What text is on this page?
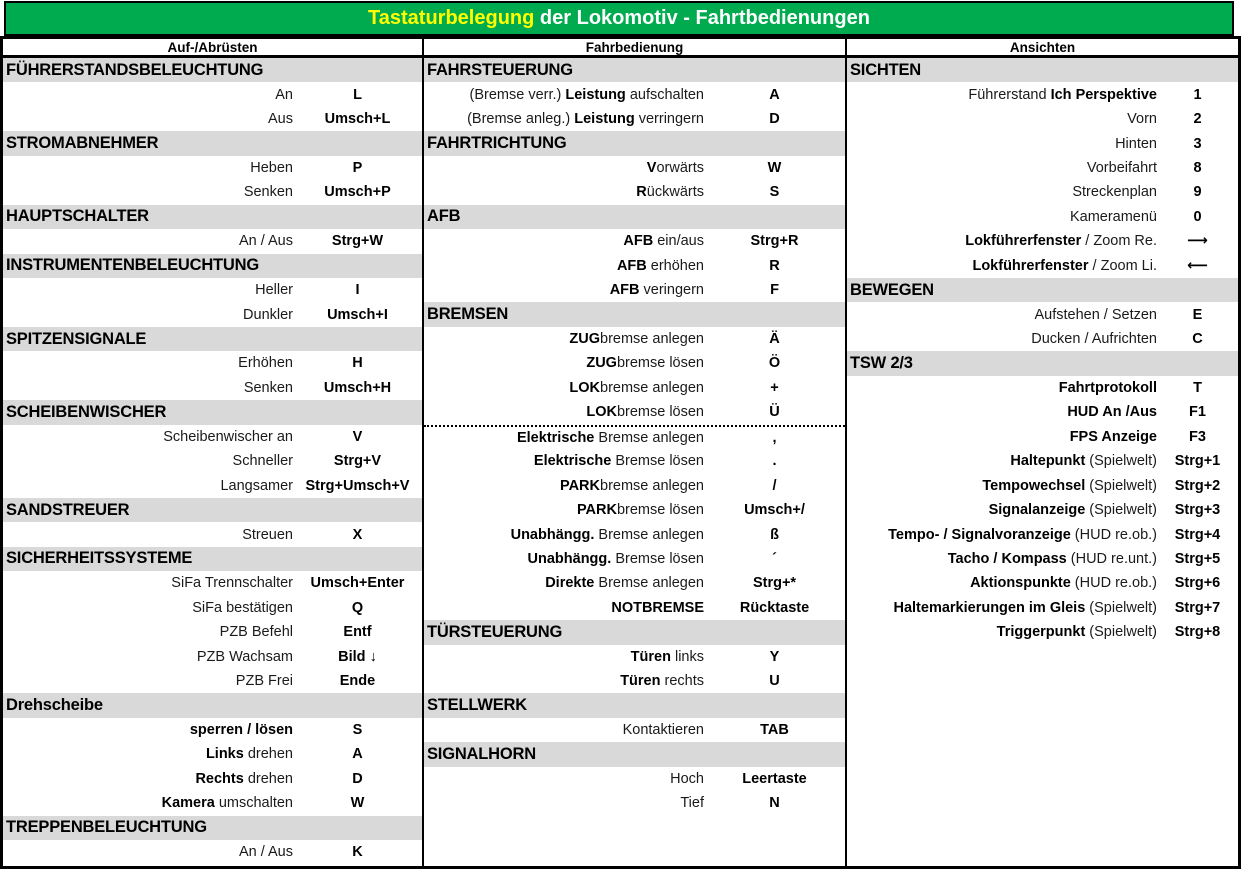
Tastaturbelegung der Lokomotiv - Fahrtbedienungen
Auf-/Abrüsten	Fahrbedienung	Ansichten
FÜHRERSTANDSBELEUCHTUNG
An	L
Aus	Umsch+L
STROMABNEHMER
Heben	P
Senken	Umsch+P
HAUPTSCHALTER
An / Aus	Strg+W
INSTRUMENTENBELEUCHTUNG
Heller	I
Dunkler	Umsch+I
SPITZENSIGNALE
Erhöhen	H
Senken	Umsch+H
SCHEIBENWISCHER
Scheibenwischer an	V
Schneller	Strg+V
Langsamer Strg+Umsch+V
SANDSTREUER
Streuen	X
SICHERHEITSSYSTEME
SiFa Trennschalter	Umsch+Enter
SiFa bestätigen	Q
PZB Befehl	Entf
PZB Wachsam	Bild ↓
PZB Frei	Ende
Drehscheibe
sperren / lösen	S
Links drehen	A
Rechts drehen	D
Kamera umschalten	W
TREPPENBELEUCHTUNG
An / Aus	K
FAHRSTEUERUNG
(Bremse verr.) Leistung aufschalten	A
(Bremse anleg.) Leistung verringern	D
FAHRTRICHTUNG
Vorwärts	W
Rückwärts	S
AFB
AFB ein/aus	Strg+R
AFB erhöhen	R
AFB veringern	F
BREMSEN
ZUGbremse anlegen	Ä
ZUGbremse lösen	Ö
LOKbremse anlegen	+
LOKbremse lösen	Ü
Elektrische Bremse anlegen	,
Elektrische Bremse lösen	.
PARKbremse anlegen	/
PARKbremse lösen	Umsch+/
Unabhängg. Bremse anlegen	ß
Unabhängg. Bremse lösen	´
Direkte Bremse anlegen	Strg+*
NOTBREMSE	Rücktaste
TÜRSTEUERUNG
Türen links	Y
Türen rechts	U
STELLWERK
Kontaktieren	TAB
SIGNALHORN
Hoch	Leertaste
Tief	N
SICHTEN
Führerstand Ich Perspektive	1
Vorn	2
Hinten	3
Vorbeifahrt	8
Streckenplan	9
Kameramenü	0
Lokführerfenster / Zoom Re.	⟶
Lokführerfenster / Zoom Li.	⟵
BEWEGEN
Aufstehen / Setzen	E
Ducken / Aufrichten	C
TSW 2/3
Fahrtprotokoll	T
HUD An /Aus	F1
FPS Anzeige	F3
Haltepunkt (Spielwelt)	Strg+1
Tempowechsel (Spielwelt)	Strg+2
Signalanzeige (Spielwelt)	Strg+3
Tempo- / Signalvoranzeige (HUD re.ob.)	Strg+4
Tacho / Kompass (HUD re.unt.)	Strg+5
Aktionspunkte (HUD re.ob.)	Strg+6
Haltemarkierungen im Gleis (Spielwelt)	Strg+7
Triggerpunkt (Spielwelt)	Strg+8
